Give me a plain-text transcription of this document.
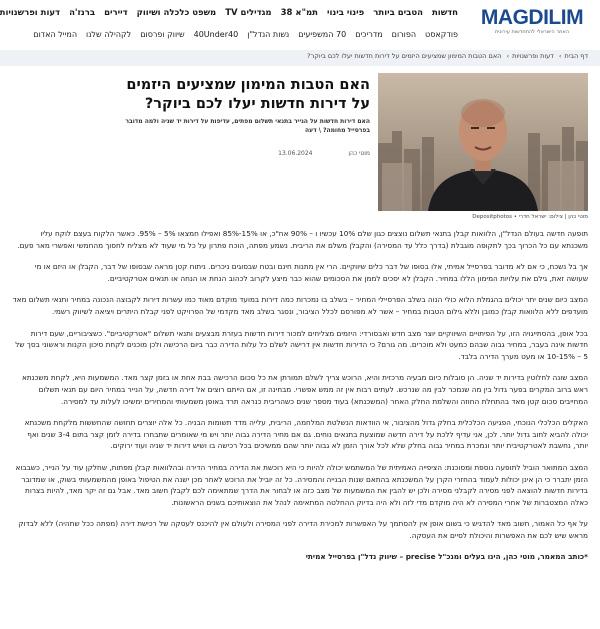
MAGDILIM
האתר הישראלי להתחדשות עירונית
חדשות
הטבים ביותר
פינוי בינוי
תמ"א 38
מגדילים TV
משפט כלכלה ושיווק
דיירים
ברנז'ה
דעות ופרשנויות
פודקאסט
הפורום
מדריכים
70 המשפיעים
נשות הנדל"ן
40Under40
שיווק ופרסום
לקהילה שלנו
המייל האדום
דף הבית› דעות ופרשנויות› האם הטבות המימון שמציעים היזמים על דירות חדשות יעלו לכם ביוקר?
מוטי כהן | צילום: ישראל חדרי • Depositphotos
האם הטבות המימון שמציעים היזמים על דירות חדשות יעלו לכם ביוקר?
האם דירות חדשות על הנייר בתנאי תשלום מפתים, עדיפות על דירות יד שניה ולמה מדובר בפרסייל מחומה? \ דעה
מוטי כהן 13.06.2024

תופעה חדשה בעולם הנדל"ן, הלוואות קבלן בתנאי תשלום נוצצים כגון שלם 10% עכשיו ו – 90% אח"כ, או 15%-85% ואפילו חמצאו 5% – 95%. כאשר הלקוח בעצם לוקח עליו משכנתא עם כל הכרוך בכך לתקופה מוגבלת (בדרך כלל עד המסירה) והקבלן משלם את הריבית. נשמע מפתה, הוכח פתרון על כל מי שעוד לא מצליח לחסוך מהחמשי ואפשרי מאר פעם.

אך בל נשכח, כי אם לא מדובר בפרסייל אמיתי, אלו בסופו של דבר כלים שיווקיים. הרי אין מתנות חינם ובטח שבסוגים ניכרים. ניתוח קטן מראה שבסופו של דבר, הקבלן או היזם או מי שעושה זאת, גילם את עלויות המימון הללו במחיר. הקבלן לא יסכים לממן את הסכומים שהוא כבר מיצע לקרוב לכהוב הנחת או הנחה או תנאים אטרקטיביים.

המצב כיום שנים יתר יכולים בהגמלת הלוא כולי הנוה בשלב הפרסיילי המחיר – בשלב בו נמכרות כמה דירות במועד מוקדם מאוד כמו עשרות דירות לקבוצה הנכונה במחיר ותנאי תשלום מאד מועדפים ללא הלוואות קבלן כמובן וללא גילום הטבות במחיר – אשר לא מפורסם לכלל הציבור, ונסגר בשלב מאד מקדמי של הפרויקט לפני קבלת היתרים ויציאה לשיווק רשמי.

בכל אופן, בהסתייגויה הזו, על הפיתויים השיווקיים יוצר מצב חדש ואבסורדי: היזמים מצליחים למכור דירות חדשות בעזרת מבצעים ותנאי תשלום "אטרקטיביים". כשציבוריים, שעם דירות חדשות אינה בעבר, במחיר גבוה שבהם כמעט ולא מוכרים. מה גורם? כי הדירות חדשות אין דרישה לשלם כל עלות הדירה כבר ביום הרכישה ולכן מוכנים לקחת סיכון הקנות וראשוני בסך של 5 – 10-15% או מעט מערך הדירה בלבד.

המצב שונה לחלוטין בדירות יד שניה. הן סובלות כיום מבעיה מרכזית והיא, הרוכש צריך לשלם תמורתן את כל סכום הרכישה בבת אחת או בזמן קצר מאד. המשמעות היא, לקחת משכנתא ראש ברוב המקרים בפער גדול בין מה שנמכר לבין מה שנרכש. לעתים רבות אין זה ממש אפשרי. מבחינה זו, אם הייתם רוצים אל דירה חדשה, על הנייר במחיר היום עם תנאי תשלום המחייבים סכום קטן מאד בהתחלת החוזה והשלמת החלק האחר (המשכנתא) בעוד מספר שנים כשהריבית כנראה תרד באופן משמעותי והמחירים ימשיכו לעלות עד למסירה.

האקלים הכלכלי הנוכחי, הפגיעה הכלכלית בחלק גדול מהציבור, אי הוודאות הנשלטת המלחמה, הריבית, עלייה מדד תשומות הבניה. כל אלה יוצרים תחושה שהחששות מלקחת משכנתא יכולה להביא לחוב גדול יותר. לכן, אני עדיף ללכת על דירה חדשה שמוצעת בתנאים נוחים. גם אם מחיר הדירה גבוה יותר ויש מי שאומרים שתבחרו בדירה לזמן קצר בתום 3-4 שנים ואף יותר, נחשבת לאטרקטיבית יותר ונמכרת במחיר גבוה בחלק שלא לכל אורך הזמן לא גבוה יותר שהם ממשיכים בכל רכישה בו ושיש דירות יד שניה ועוד ירוקים.

המצב המתואר הוביל לתופעה נוספת ומסוכנת: הציפייה האמיתית של המשתמש יכולה להיות כי היא רוכשת את הדירה במחיר הדירה ובהלוואות קבלן מפתות, שחלקן עוד על הנייר, כשבבוא הזמן יתברר כי הן אינן יכולות לעמוד בהחזרי הקרן על המשכנתא בהתאם שנות הבנייה והמסירה. כל זה יוביל את הרוכש לאחר מכן ישנה את הטיפול באופן מהמשמעותי בשוק, או שמדובר בדירות חדשות להוצאה לפני מסירה לקבלני מסירה ולכן יש להבין את המשמעות של מצב כזה או לבחור את הדרך שמתאימה לכם לקבלן חשוב מאד. אבל גם זה יקר מאד, להיות בצרות כאלה המצטברות של אחרי המסירה לא היה מוקדם מדי לזה ולא היה בדיוק ההחלטה המתאימה לנהל את הוצאותיכם בשנים הראשונות.

על אף כל האמור, חשוב מאד להדגיש כי בשום אופן אין להסתמך על האפשרות למכירת הדירה לפני המסירה ולעולם אין להיכנס לעסקה של רכישת דירה (מפתה ככל שתהיה) ללא לבדוק מראש שיש לכם את האפשרות והיכולת לסיים את העסקה.

*כותב המאמר, מוטי כהן, הינו בעלים ומנכ"ל precise – שיווק נדל"ן בפרסייל אמיתי
